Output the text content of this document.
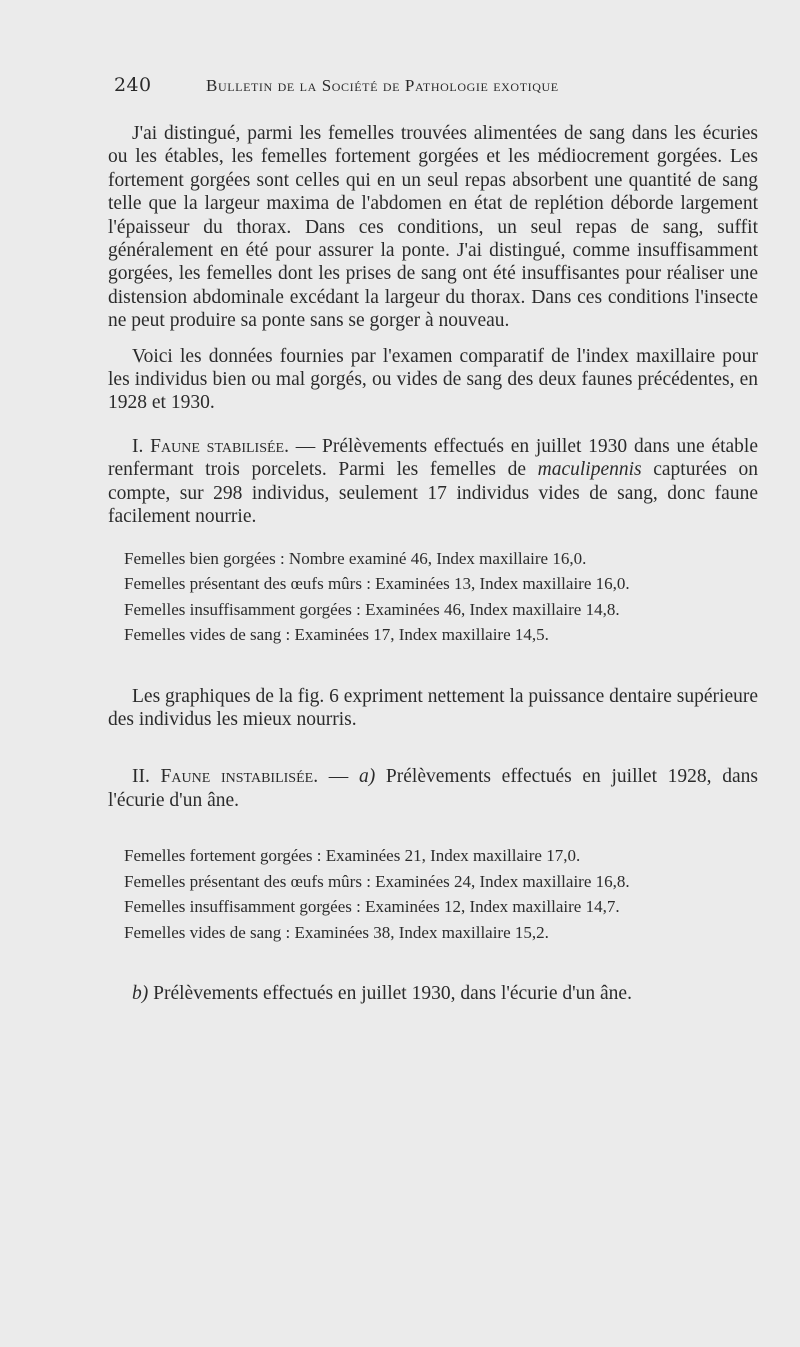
240	Bulletin de la Société de Pathologie exotique

J'ai distingué, parmi les femelles trouvées alimentées de sang dans les écuries ou les étables, les femelles fortement gorgées et les médiocrement gorgées. Les fortement gorgées sont celles qui en un seul repas absorbent une quantité de sang telle que la largeur maxima de l'abdomen en état de replétion déborde largement l'épaisseur du thorax. Dans ces conditions, un seul repas de sang, suffit généralement en été pour assurer la ponte. J'ai distingué, comme insuffisamment gorgées, les femelles dont les prises de sang ont été insuffisantes pour réaliser une distension abdominale excédant la largeur du thorax. Dans ces conditions l'insecte ne peut produire sa ponte sans se gorger à nouveau.

Voici les données fournies par l'examen comparatif de l'index maxillaire pour les individus bien ou mal gorgés, ou vides de sang des deux faunes précédentes, en 1928 et 1930.

I. Faune stabilisée. — Prélèvements effectués en juillet 1930 dans une étable renfermant trois porcelets. Parmi les femelles de maculipennis capturées on compte, sur 298 individus, seulement 17 individus vides de sang, donc faune facilement nourrie.

Femelles bien gorgées : Nombre examiné 46, Index maxillaire 16,0.

Femelles présentant des œufs mûrs : Examinées 13, Index maxillaire 16,0.

Femelles insuffisamment gorgées : Examinées 46, Index maxillaire 14,8.

Femelles vides de sang : Examinées 17, Index maxillaire 14,5.

Les graphiques de la fig. 6 expriment nettement la puissance dentaire supérieure des individus les mieux nourris.

II. Faune instabilisée. — a) Prélèvements effectués en juillet 1928, dans l'écurie d'un âne.

Femelles fortement gorgées : Examinées 21, Index maxillaire 17,0.

Femelles présentant des œufs mûrs : Examinées 24, Index maxillaire 16,8.

Femelles insuffisamment gorgées : Examinées 12, Index maxillaire 14,7.

Femelles vides de sang : Examinées 38, Index maxillaire 15,2.

b) Prélèvements effectués en juillet 1930, dans l'écurie d'un âne.
